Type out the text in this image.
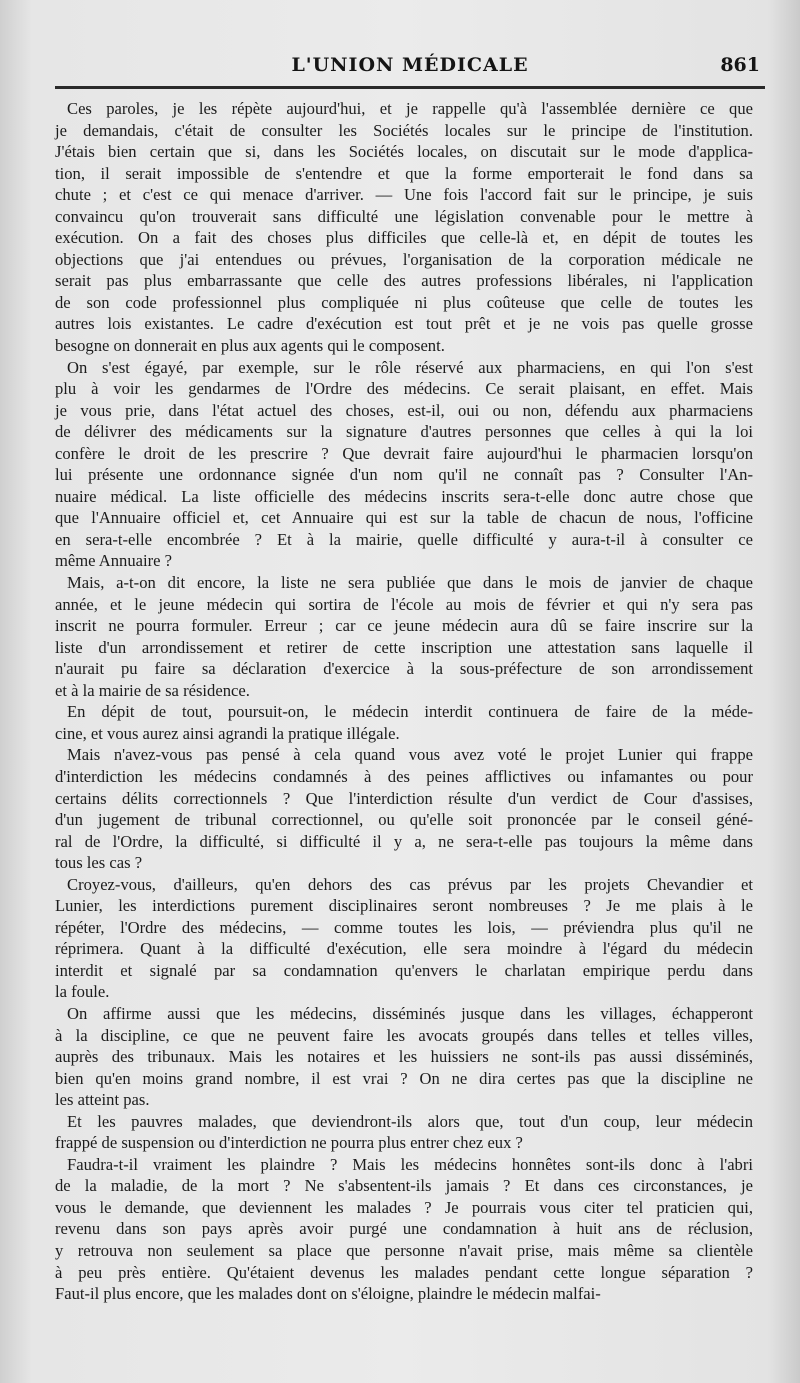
L'UNION MÉDICALE	861
Ces paroles, je les répète aujourd'hui, et je rappelle qu'à l'assemblée dernière ce que
je demandais, c'était de consulter les Sociétés locales sur le principe de l'institution.
J'étais bien certain que si, dans les Sociétés locales, on discutait sur le mode d'applica-
tion, il serait impossible de s'entendre et que la forme emporterait le fond dans sa
chute ; et c'est ce qui menace d'arriver. — Une fois l'accord fait sur le principe, je suis
convaincu qu'on trouverait sans difficulté une législation convenable pour le mettre à
exécution. On a fait des choses plus difficiles que celle-là et, en dépit de toutes les
objections que j'ai entendues ou prévues, l'organisation de la corporation médicale ne
serait pas plus embarrassante que celle des autres professions libérales, ni l'application
de son code professionnel plus compliquée ni plus coûteuse que celle de toutes les
autres lois existantes. Le cadre d'exécution est tout prêt et je ne vois pas quelle grosse
besogne on donnerait en plus aux agents qui le composent.
On s'est égayé, par exemple, sur le rôle réservé aux pharmaciens, en qui l'on s'est
plu à voir les gendarmes de l'Ordre des médecins. Ce serait plaisant, en effet. Mais
je vous prie, dans l'état actuel des choses, est-il, oui ou non, défendu aux pharmaciens
de délivrer des médicaments sur la signature d'autres personnes que celles à qui la loi
confère le droit de les prescrire ? Que devrait faire aujourd'hui le pharmacien lorsqu'on
lui présente une ordonnance signée d'un nom qu'il ne connaît pas ? Consulter l'An-
nuaire médical. La liste officielle des médecins inscrits sera-t-elle donc autre chose que
que l'Annuaire officiel et, cet Annuaire qui est sur la table de chacun de nous, l'officine
en sera-t-elle encombrée ? Et à la mairie, quelle difficulté y aura-t-il à consulter ce
même Annuaire ?
Mais, a-t-on dit encore, la liste ne sera publiée que dans le mois de janvier de chaque
année, et le jeune médecin qui sortira de l'école au mois de février et qui n'y sera pas
inscrit ne pourra formuler. Erreur ; car ce jeune médecin aura dû se faire inscrire sur la
liste d'un arrondissement et retirer de cette inscription une attestation sans laquelle il
n'aurait pu faire sa déclaration d'exercice à la sous-préfecture de son arrondissement
et à la mairie de sa résidence.
En dépit de tout, poursuit-on, le médecin interdit continuera de faire de la méde-
cine, et vous aurez ainsi agrandi la pratique illégale.
Mais n'avez-vous pas pensé à cela quand vous avez voté le projet Lunier qui frappe
d'interdiction les médecins condamnés à des peines afflictives ou infamantes ou pour
certains délits correctionnels ? Que l'interdiction résulte d'un verdict de Cour d'assises,
d'un jugement de tribunal correctionnel, ou qu'elle soit prononcée par le conseil géné-
ral de l'Ordre, la difficulté, si difficulté il y a, ne sera-t-elle pas toujours la même dans
tous les cas ?
Croyez-vous, d'ailleurs, qu'en dehors des cas prévus par les projets Chevandier et
Lunier, les interdictions purement disciplinaires seront nombreuses ? Je me plais à le
répéter, l'Ordre des médecins, — comme toutes les lois, — préviendra plus qu'il ne
réprimera. Quant à la difficulté d'exécution, elle sera moindre à l'égard du médecin
interdit et signalé par sa condamnation qu'envers le charlatan empirique perdu dans
la foule.
On affirme aussi que les médecins, disséminés jusque dans les villages, échapperont
à la discipline, ce que ne peuvent faire les avocats groupés dans telles et telles villes,
auprès des tribunaux. Mais les notaires et les huissiers ne sont-ils pas aussi disséminés,
bien qu'en moins grand nombre, il est vrai ? On ne dira certes pas que la discipline ne
les atteint pas.
Et les pauvres malades, que deviendront-ils alors que, tout d'un coup, leur médecin
frappé de suspension ou d'interdiction ne pourra plus entrer chez eux ?
Faudra-t-il vraiment les plaindre ? Mais les médecins honnêtes sont-ils donc à l'abri
de la maladie, de la mort ? Ne s'absentent-ils jamais ? Et dans ces circonstances, je
vous le demande, que deviennent les malades ? Je pourrais vous citer tel praticien qui,
revenu dans son pays après avoir purgé une condamnation à huit ans de réclusion,
y retrouva non seulement sa place que personne n'avait prise, mais même sa clientèle
à peu près entière. Qu'étaient devenus les malades pendant cette longue séparation ?
Faut-il plus encore, que les malades dont on s'éloigne, plaindre le médecin malfai-
